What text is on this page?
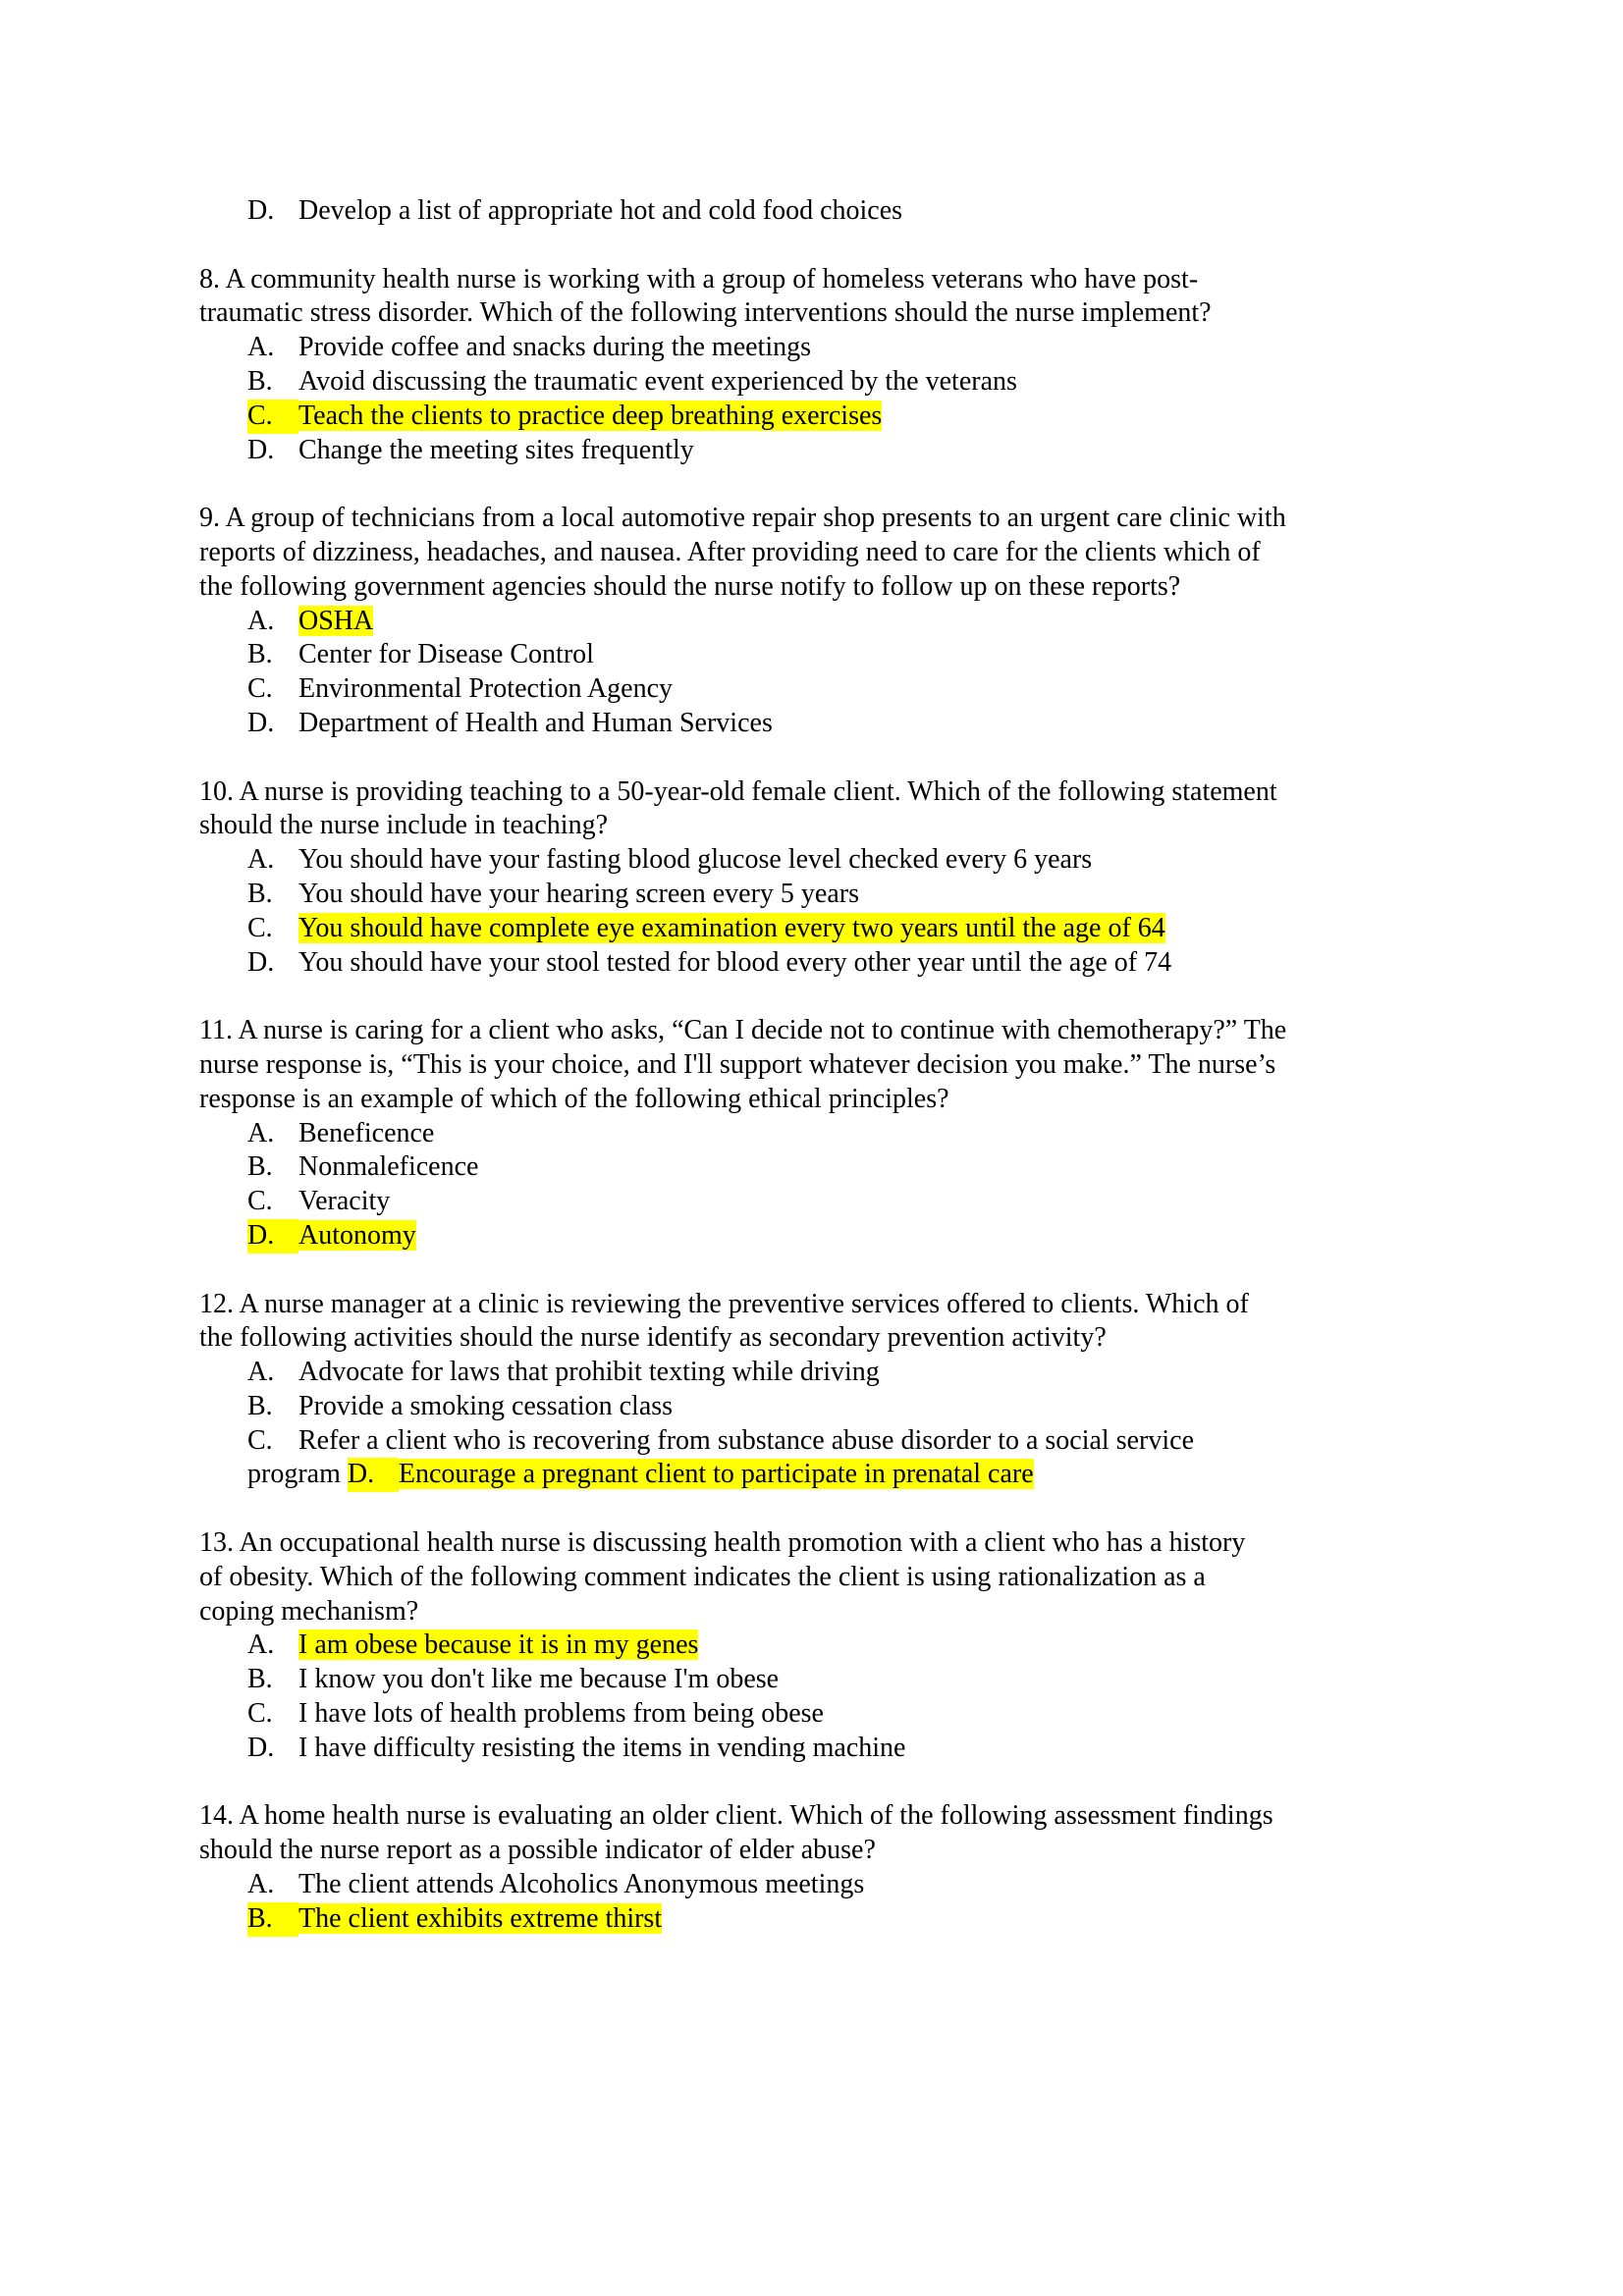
D. Develop a list of appropriate hot and cold food choices
8. A community health nurse is working with a group of homeless veterans who have post-
traumatic stress disorder. Which of the following interventions should the nurse implement?
A. Provide coffee and snacks during the meetings
B. Avoid discussing the traumatic event experienced by the veterans
C. Teach the clients to practice deep breathing exercises
D. Change the meeting sites frequently
9. A group of technicians from a local automotive repair shop presents to an urgent care clinic with
reports of dizziness, headaches, and nausea. After providing need to care for the clients which of
the following government agencies should the nurse notify to follow up on these reports?
A. OSHA
B. Center for Disease Control
C. Environmental Protection Agency
D. Department of Health and Human Services
10. A nurse is providing teaching to a 50-year-old female client. Which of the following statement
should the nurse include in teaching?
A. You should have your fasting blood glucose level checked every 6 years
B. You should have your hearing screen every 5 years
C. You should have complete eye examination every two years until the age of 64
D. You should have your stool tested for blood every other year until the age of 74
11. A nurse is caring for a client who asks, “Can I decide not to continue with chemotherapy?” The
nurse response is, “This is your choice, and I'll support whatever decision you make.” The nurse’s
response is an example of which of the following ethical principles?
A. Beneficence
B. Nonmaleficence
C. Veracity
D. Autonomy
12. A nurse manager at a clinic is reviewing the preventive services offered to clients. Which of
the following activities should the nurse identify as secondary prevention activity?
A. Advocate for laws that prohibit texting while driving
B. Provide a smoking cessation class
C. Refer a client who is recovering from substance abuse disorder to a social service
program D. Encourage a pregnant client to participate in prenatal care
13. An occupational health nurse is discussing health promotion with a client who has a history
of obesity. Which of the following comment indicates the client is using rationalization as a
coping mechanism?
A. I am obese because it is in my genes
B. I know you don't like me because I'm obese
C. I have lots of health problems from being obese
D. I have difficulty resisting the items in vending machine
14. A home health nurse is evaluating an older client. Which of the following assessment findings
should the nurse report as a possible indicator of elder abuse?
A. The client attends Alcoholics Anonymous meetings
B. The client exhibits extreme thirst
